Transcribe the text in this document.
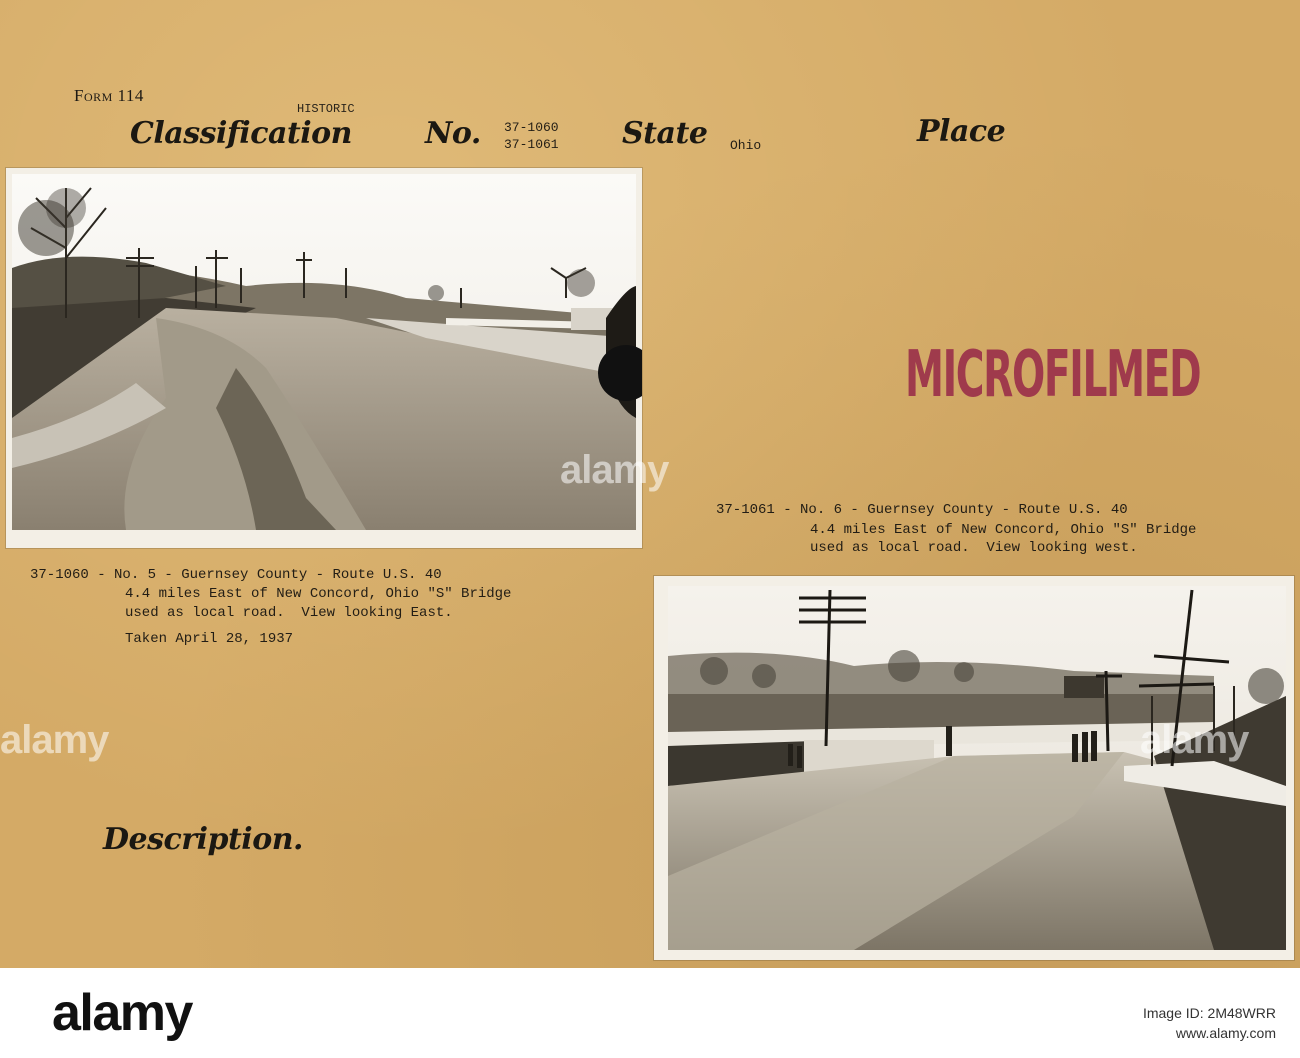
Form 114
HISTORIC
Classification No. 37-1060
37-1061 State Ohio	Place
37-1061 - No. 6 - Guernsey County - Route U.S. 40
4.4 miles East of New Concord, Ohio "S" Bridge
used as local road.  View looking west.
37-1060 - No. 5 - Guernsey County - Route U.S. 40
4.4 miles East of New Concord, Ohio "S" Bridge
used as local road.  View looking East.
Taken April 28, 1937
MICROFILMED
Description.
alamy
alamy	alamy
alamy	Image ID: 2M48WRR
www.alamy.com
